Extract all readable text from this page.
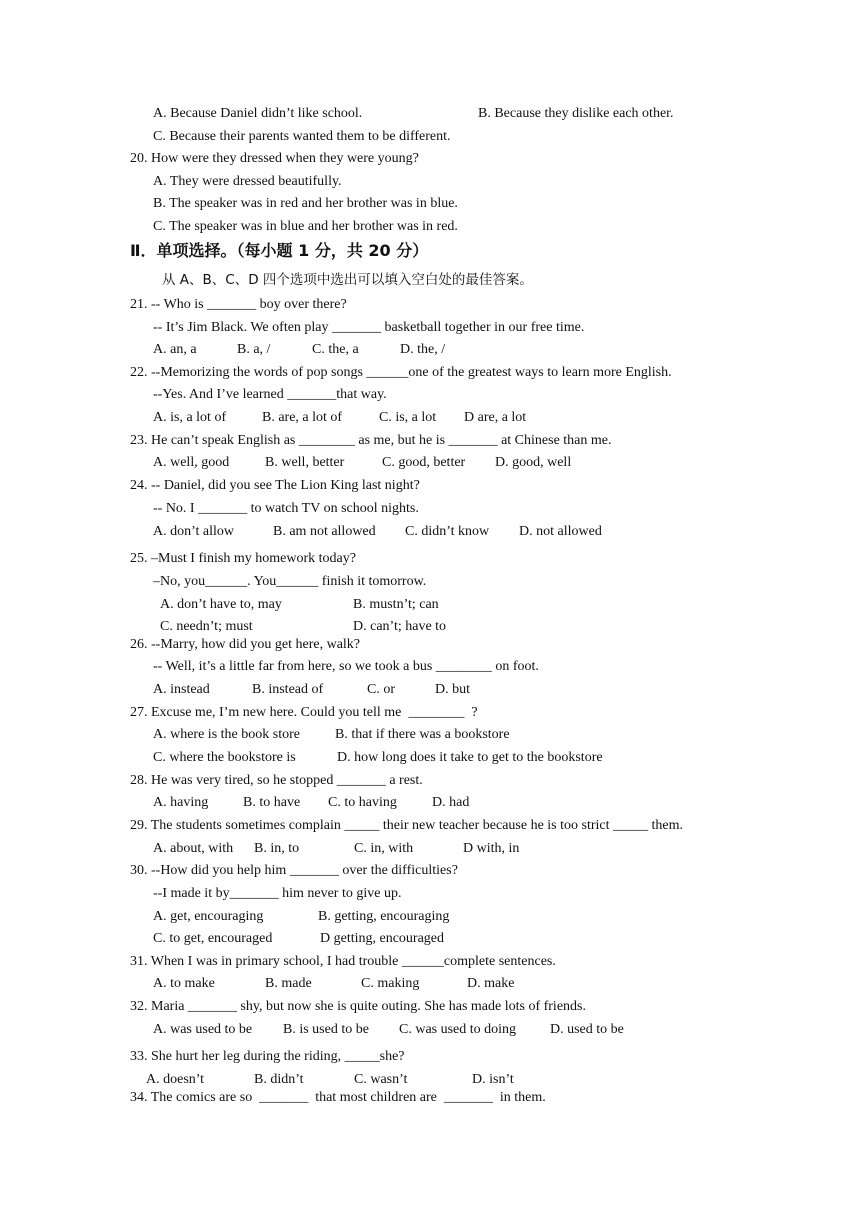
A. Because Daniel didn’t like school.	B. Because they dislike each other.
C. Because their parents wanted them to be different.
20. How were they dressed when they were young?
A. They were dressed beautifully.
B. The speaker was in red and her brother was in blue.
C. The speaker was in blue and her brother was in red.
Ⅱ．单项选择。（每小题 1 分，共 20 分）
从 A、B、C、D 四个选项中选出可以填入空白处的最佳答案。
21. -- Who is _______ boy over there?
-- It’s Jim Black. We often play _______ basketball together in our free time.
A. an, a	B. a, /	C. the, a	D. the, /
22. --Memorizing the words of pop songs ______one of the greatest ways to learn more English.
--Yes. And I’ve learned _______that way.
A. is, a lot of	B. are, a lot of	C. is, a lot D are, a lot
23. He can’t speak English as ________ as me, but he is _______ at Chinese than me.
A. well, good	B. well, better	C. good, better D. good, well
24. -- Daniel, did you see The Lion King last night?
-- No. I _______ to watch TV on school nights.
A. don’t allow	B. am not allowed C. didn’t know D. not allowed
25. –Must I finish my homework today?
–No, you______. You______ finish it tomorrow.
A. don’t have to, may	B. mustn’t; can
C. needn’t; must	D. can’t; have to
26. --Marry, how did you get here, walk?
-- Well, it’s a little far from here, so we took a bus ________ on foot.
A. instead	B. instead of	C. or	D. but
27. Excuse me, I’m new here. Could you tell me  ________  ?
A. where is the book store	B. that if there was a bookstore
C. where the bookstore is	D. how long does it take to get to the bookstore
28. He was very tired, so he stopped _______ a rest.
A. having B. to have C. to having	D. had
29. The students sometimes complain _____ their new teacher because he is too strict _____ them.
A. about, with B. in, to	C. in, with	D with, in
30. --How did you help him _______ over the difficulties?
--I made it by_______ him never to give up.
A. get, encouraging	B. getting, encouraging
C. to get, encouraged	D getting, encouraged
31. When I was in primary school, I had trouble ______complete sentences.
A. to make	B. made	C. making	D. make
32. Maria _______ shy, but now she is quite outing. She has made lots of friends.
A. was used to be B. is used to be C. was used to doing D. used to be
33. She hurt her leg during the riding, _____she?
A. doesn’t	B. didn’t	C. wasn’t	D. isn’t
34. The comics are so  _______  that most children are  _______  in them.
